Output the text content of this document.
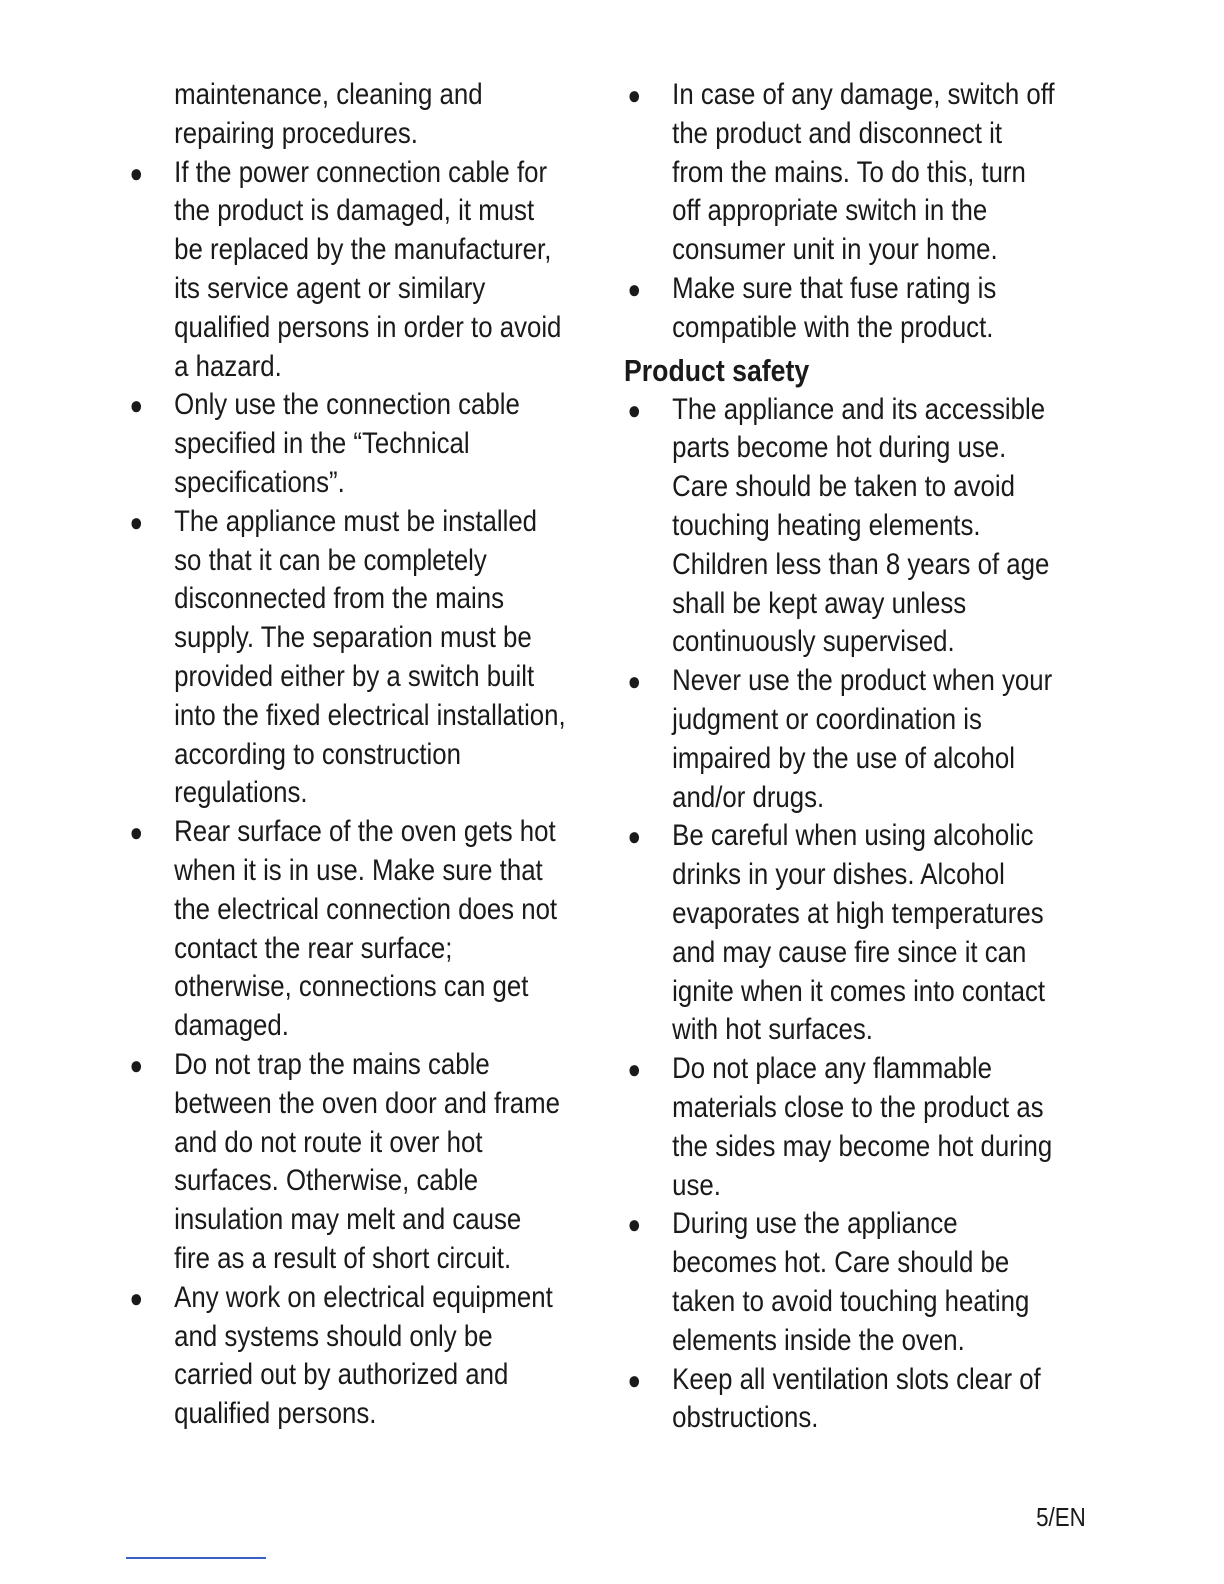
maintenance, cleaning and
repairing procedures.
● If the power connection cable for
the product is damaged, it must
be replaced by the manufacturer,
its service agent or similary
qualified persons in order to avoid
a hazard.
● Only use the connection cable
specified in the “Technical
specifications”.
● The appliance must be installed
so that it can be completely
disconnected from the mains
supply. The separation must be
provided either by a switch built
into the fixed electrical installation,
according to construction
regulations.
● Rear surface of the oven gets hot
when it is in use. Make sure that
the electrical connection does not
contact the rear surface;
otherwise, connections can get
damaged.
● Do not trap the mains cable
between the oven door and frame
and do not route it over hot
surfaces. Otherwise, cable
insulation may melt and cause
fire as a result of short circuit.
● Any work on electrical equipment
and systems should only be
carried out by authorized and
qualified persons.
● In case of any damage, switch off
the product and disconnect it
from the mains. To do this, turn
off appropriate switch in the
consumer unit in your home.
● Make sure that fuse rating is
compatible with the product.
Product safety
● The appliance and its accessible
parts become hot during use.
Care should be taken to avoid
touching heating elements.
Children less than 8 years of age
shall be kept away unless
continuously supervised.
● Never use the product when your
judgment or coordination is
impaired by the use of alcohol
and/or drugs.
● Be careful when using alcoholic
drinks in your dishes. Alcohol
evaporates at high temperatures
and may cause fire since it can
ignite when it comes into contact
with hot surfaces.
● Do not place any flammable
materials close to the product as
the sides may become hot during
use.
● During use the appliance
becomes hot. Care should be
taken to avoid touching heating
elements inside the oven.
● Keep all ventilation slots clear of
obstructions.
5/EN
